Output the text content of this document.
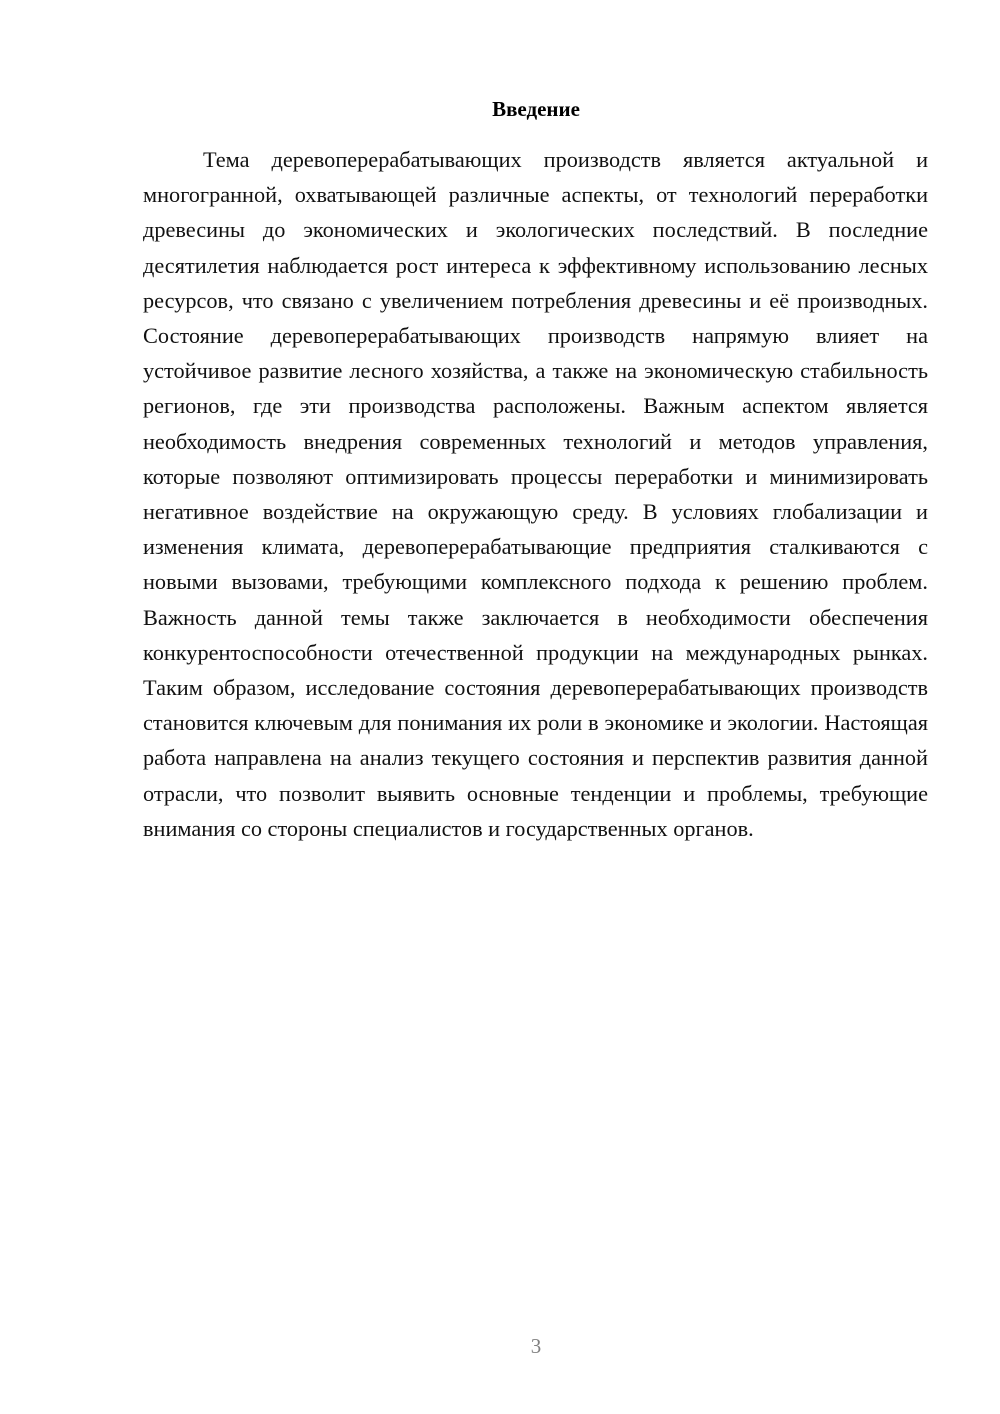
Введение

Тема деревоперерабатывающих производств является актуальной и многогранной, охватывающей различные аспекты, от технологий переработки древесины до экономических и экологических последствий. В последние десятилетия наблюдается рост интереса к эффективному использованию лесных ресурсов, что связано с увеличением потребления древесины и её производных. Состояние деревоперерабатывающих производств напрямую влияет на устойчивое развитие лесного хозяйства, а также на экономическую стабильность регионов, где эти производства расположены. Важным аспектом является необходимость внедрения современных технологий и методов управления, которые позволяют оптимизировать процессы переработки и минимизировать негативное воздействие на окружающую среду. В условиях глобализации и изменения климата, деревоперерабатывающие предприятия сталкиваются с новыми вызовами, требующими комплексного подхода к решению проблем. Важность данной темы также заключается в необходимости обеспечения конкурентоспособности отечественной продукции на международных рынках. Таким образом, исследование состояния деревоперерабатывающих производств становится ключевым для понимания их роли в экономике и экологии. Настоящая работа направлена на анализ текущего состояния и перспектив развития данной отрасли, что позволит выявить основные тенденции и проблемы, требующие внимания со стороны специалистов и государственных органов.

3
